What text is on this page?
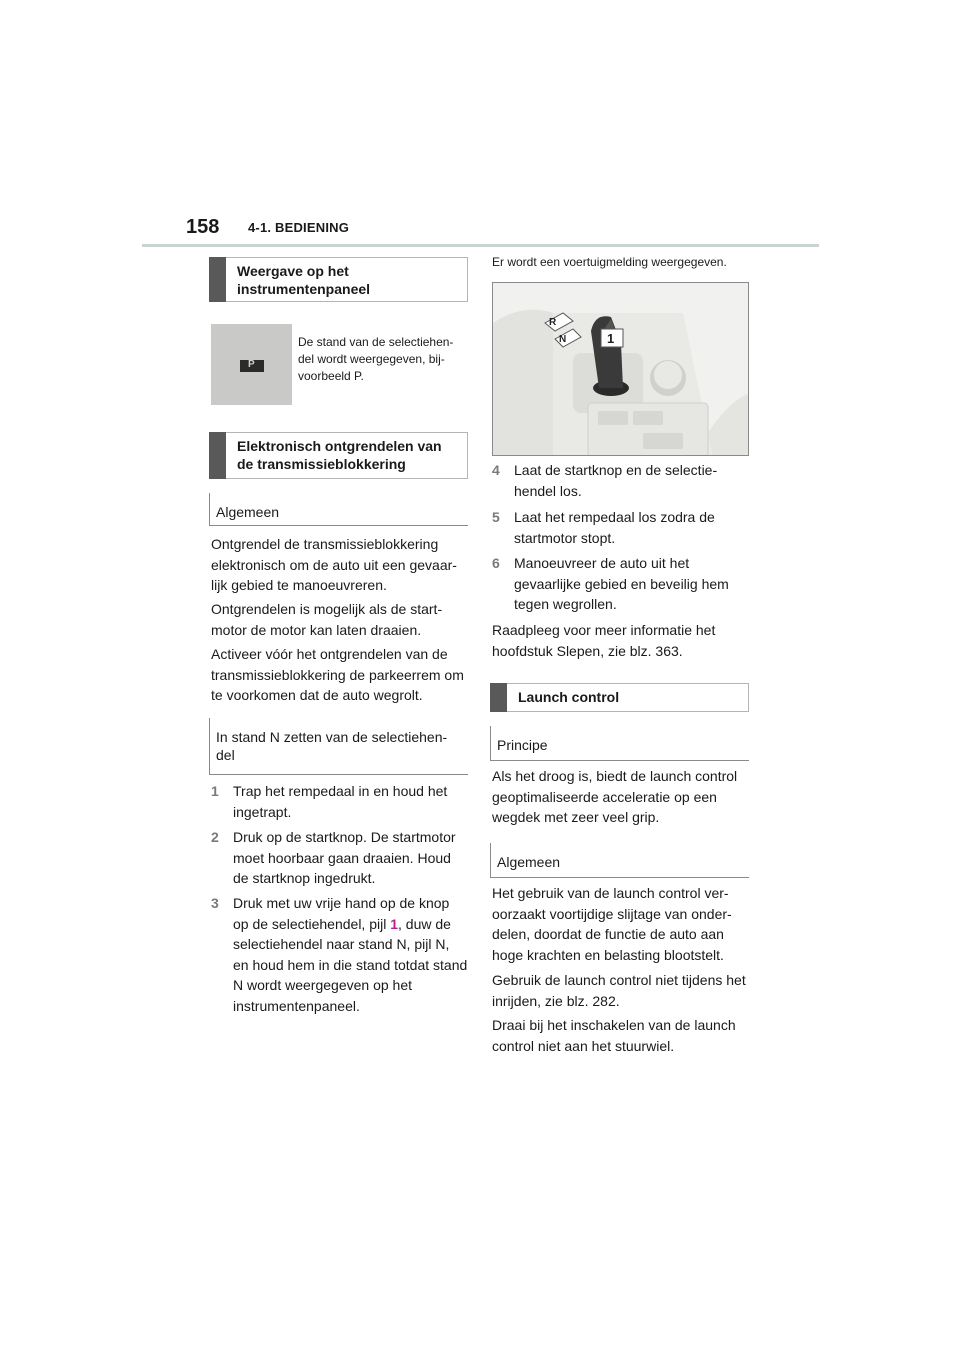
158 4-1. BEDIENING
Weergave op het instrumentenpaneel
P
De stand van de selectiehen-del wordt weergegeven, bij-voorbeeld P.
Elektronisch ontgrendelen van
de transmissieblokkering
Algemeen
Ontgrendel de transmissieblokkering elektronisch om de auto uit een gevaar-lijk gebied te manoeuvreren.
Ontgrendelen is mogelijk als de start-motor de motor kan laten draaien.
Activeer vóór het ontgrendelen van de transmissieblokkering de parkeerrem om te voorkomen dat de auto wegrolt.
In stand N zetten van de selectiehen-del
1 Trap het rempedaal in en houd het ingetrapt.
2 Druk op de startknop. De startmotor moet hoorbaar gaan draaien. Houd de startknop ingedrukt.
3 Druk met uw vrije hand op de knop op de selectiehendel, pijl 1, duw de selectiehendel naar stand N, pijl N, en houd hem in die stand totdat stand N wordt weergegeven op het instrumentenpaneel.
Er wordt een voertuigmelding weergegeven.
R
N	1
4 Laat de startknop en de selectie-hendel los.
5 Laat het rempedaal los zodra de startmotor stopt.
6 Manoeuvreer de auto uit het gevaarlijke gebied en beveilig hem tegen wegrollen.
Raadpleeg voor meer informatie het hoofdstuk Slepen, zie blz. 363.
Launch control
Principe
Als het droog is, biedt de launch control geoptimaliseerde acceleratie op een wegdek met zeer veel grip.
Algemeen
Het gebruik van de launch control ver-oorzaakt voortijdige slijtage van onder-delen, doordat de functie de auto aan hoge krachten en belasting blootstelt.
Gebruik de launch control niet tijdens het inrijden, zie blz. 282.
Draai bij het inschakelen van de launch control niet aan het stuurwiel.
